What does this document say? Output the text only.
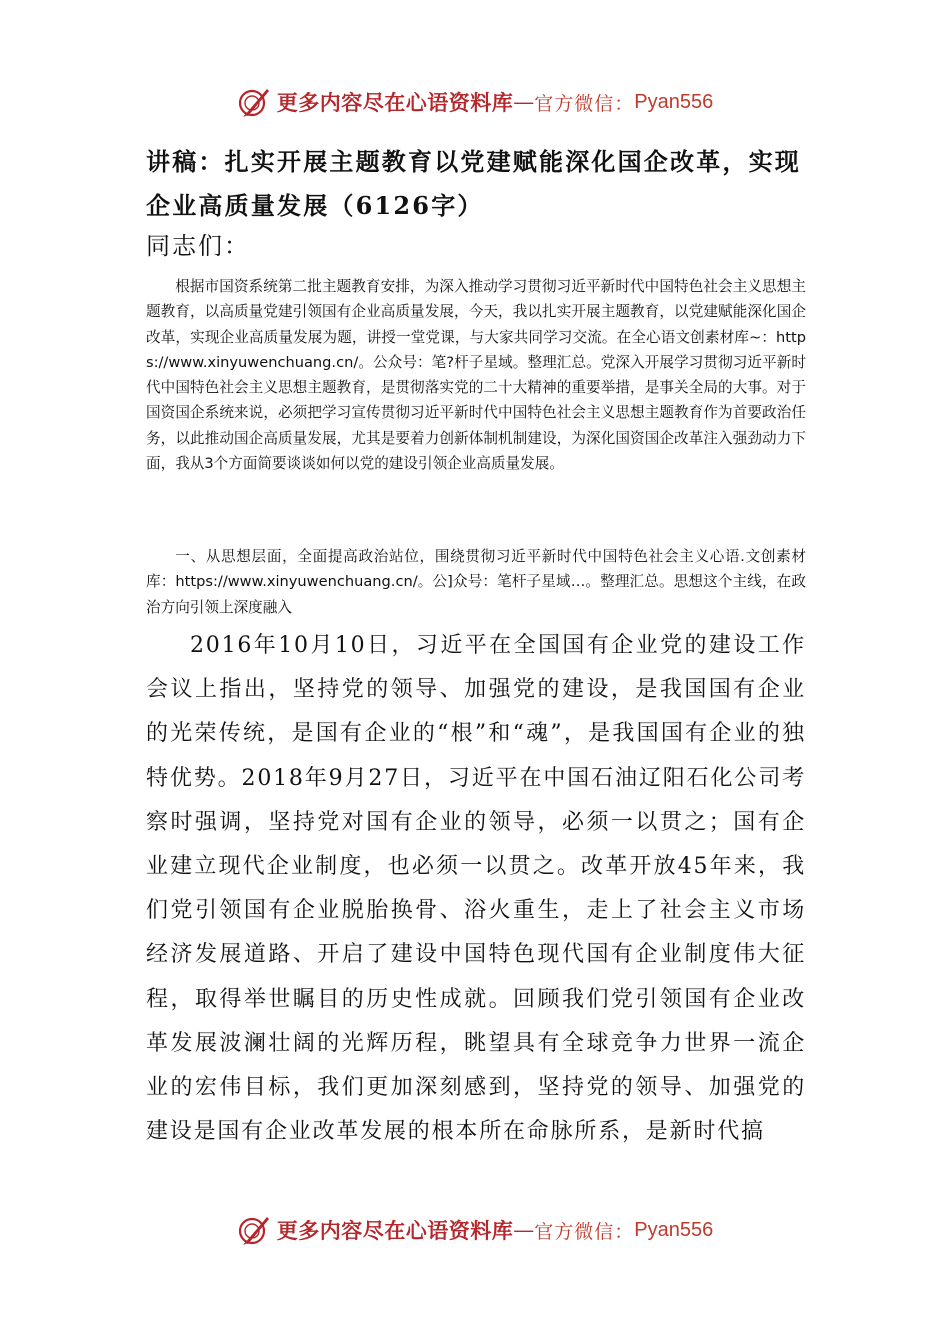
更多内容尽在心语资料库 — 官方微信： Pyan556
讲稿：扎实开展主题教育以党建赋能深化国企改革，实现企业高质量发展（6126字）

同志们：

根据市国资系统第二批主题教育安排，为深入推动学习贯彻习近平新时代中国特色社会主义思想主题教育，以高质量党建引领国有企业高质量发展，今天，我以扎实开展主题教育，以党建赋能深化国企改革，实现企业高质量发展为题，讲授一堂党课，与大家共同学习交流。在全心语文创素材库~：https://www.xinyuwenchuang.cn/。公众号：笔?杆子星域。整理汇总。党深入开展学习贯彻习近平新时代中国特色社会主义思想主题教育，是贯彻落实党的二十大精神的重要举措，是事关全局的大事。对于国资国企系统来说，必须把学习宣传贯彻习近平新时代中国特色社会主义思想主题教育作为首要政治任务，以此推动国企高质量发展，尤其是要着力创新体制机制建设，为深化国资国企改革注入强劲动力下面，我从3个方面简要谈谈如何以党的建设引领企业高质量发展。

一、从思想层面，全面提高政治站位，围绕贯彻习近平新时代中国特色社会主义心语.文创素材库：https://www.xinyuwenchuang.cn/。公]众号：笔杆子星域…。整理汇总。思想这个主线，在政治方向引领上深度融入

2016年10月10日，习近平在全国国有企业党的建设工作会议上指出，坚持党的领导、加强党的建设，是我国国有企业的光荣传统，是国有企业的“根”和“魂”，是我国国有企业的独特优势。2018年9月27日，习近平在中国石油辽阳石化公司考察时强调，坚持党对国有企业的领导，必须一以贯之；国有企业建立现代企业制度，也必须一以贯之。改革开放45年来，我们党引领国有企业脱胎换骨、浴火重生，走上了社会主义市场经济发展道路、开启了建设中国特色现代国有企业制度伟大征程，取得举世瞩目的历史性成就。回顾我们党引领国有企业改革发展波澜壮阔的光辉历程，眺望具有全球竞争力世界一流企业的宏伟目标，我们更加深刻感到，坚持党的领导、加强党的建设是国有企业改革发展的根本所在命脉所系，是新时代搞

更多内容尽在心语资料库 — 官方微信： Pyan556
